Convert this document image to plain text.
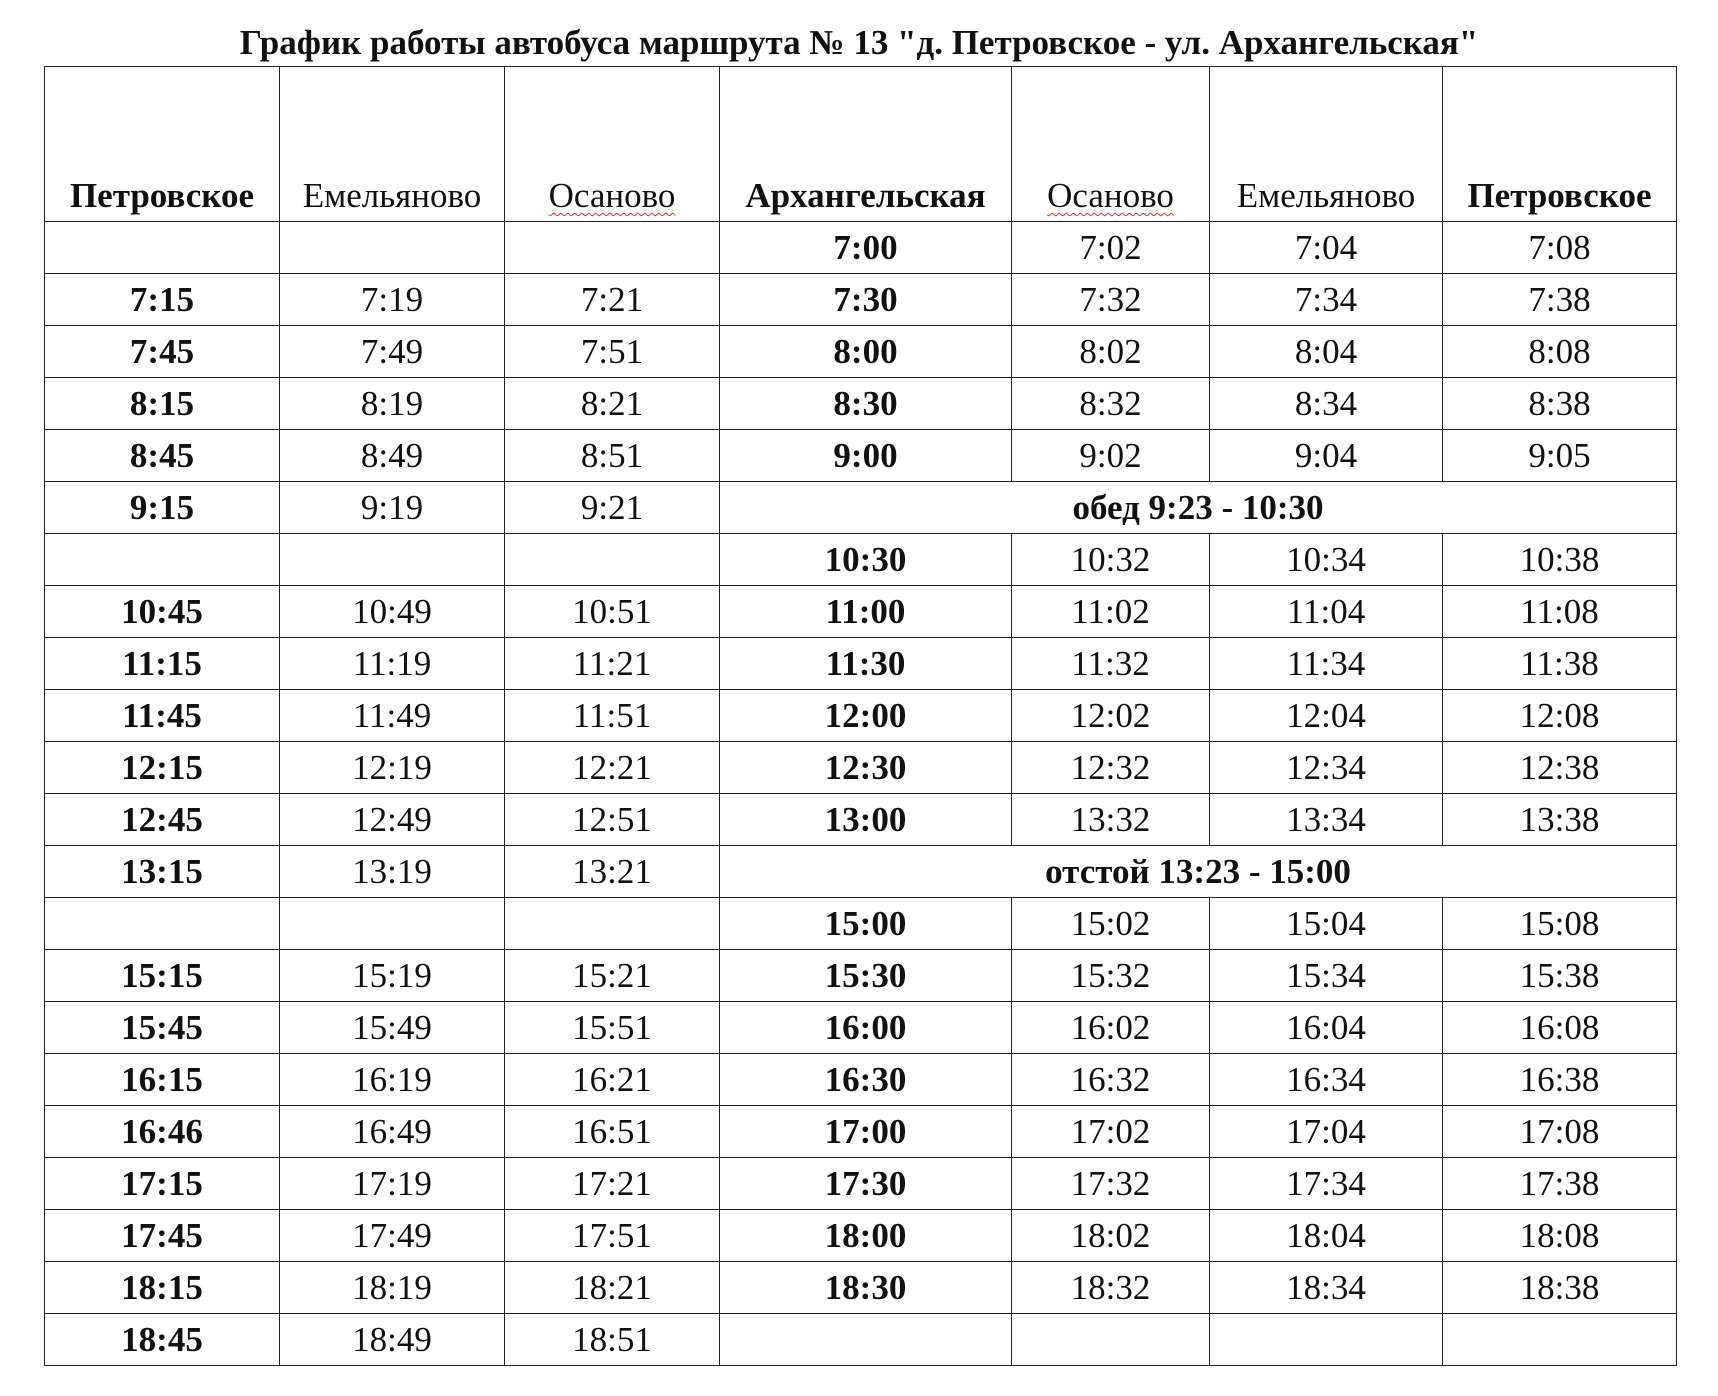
График работы автобуса маршрута № 13 "д. Петровское - ул. Архангельская"
Петровское	Емельяново	Осаново	Архангельская	Осаново	Емельяново	Петровское
			7:00	7:02	7:04	7:08
7:15	7:19	7:21	7:30	7:32	7:34	7:38
7:45	7:49	7:51	8:00	8:02	8:04	8:08
8:15	8:19	8:21	8:30	8:32	8:34	8:38
8:45	8:49	8:51	9:00	9:02	9:04	9:05
9:15	9:19	9:21	обед 9:23 - 10:30			
			10:30	10:32	10:34	10:38
10:45	10:49	10:51	11:00	11:02	11:04	11:08
11:15	11:19	11:21	11:30	11:32	11:34	11:38
11:45	11:49	11:51	12:00	12:02	12:04	12:08
12:15	12:19	12:21	12:30	12:32	12:34	12:38
12:45	12:49	12:51	13:00	13:32	13:34	13:38
13:15	13:19	13:21	отстой 13:23 - 15:00			
			15:00	15:02	15:04	15:08
15:15	15:19	15:21	15:30	15:32	15:34	15:38
15:45	15:49	15:51	16:00	16:02	16:04	16:08
16:15	16:19	16:21	16:30	16:32	16:34	16:38
16:46	16:49	16:51	17:00	17:02	17:04	17:08
17:15	17:19	17:21	17:30	17:32	17:34	17:38
17:45	17:49	17:51	18:00	18:02	18:04	18:08
18:15	18:19	18:21	18:30	18:32	18:34	18:38
18:45	18:49	18:51				
